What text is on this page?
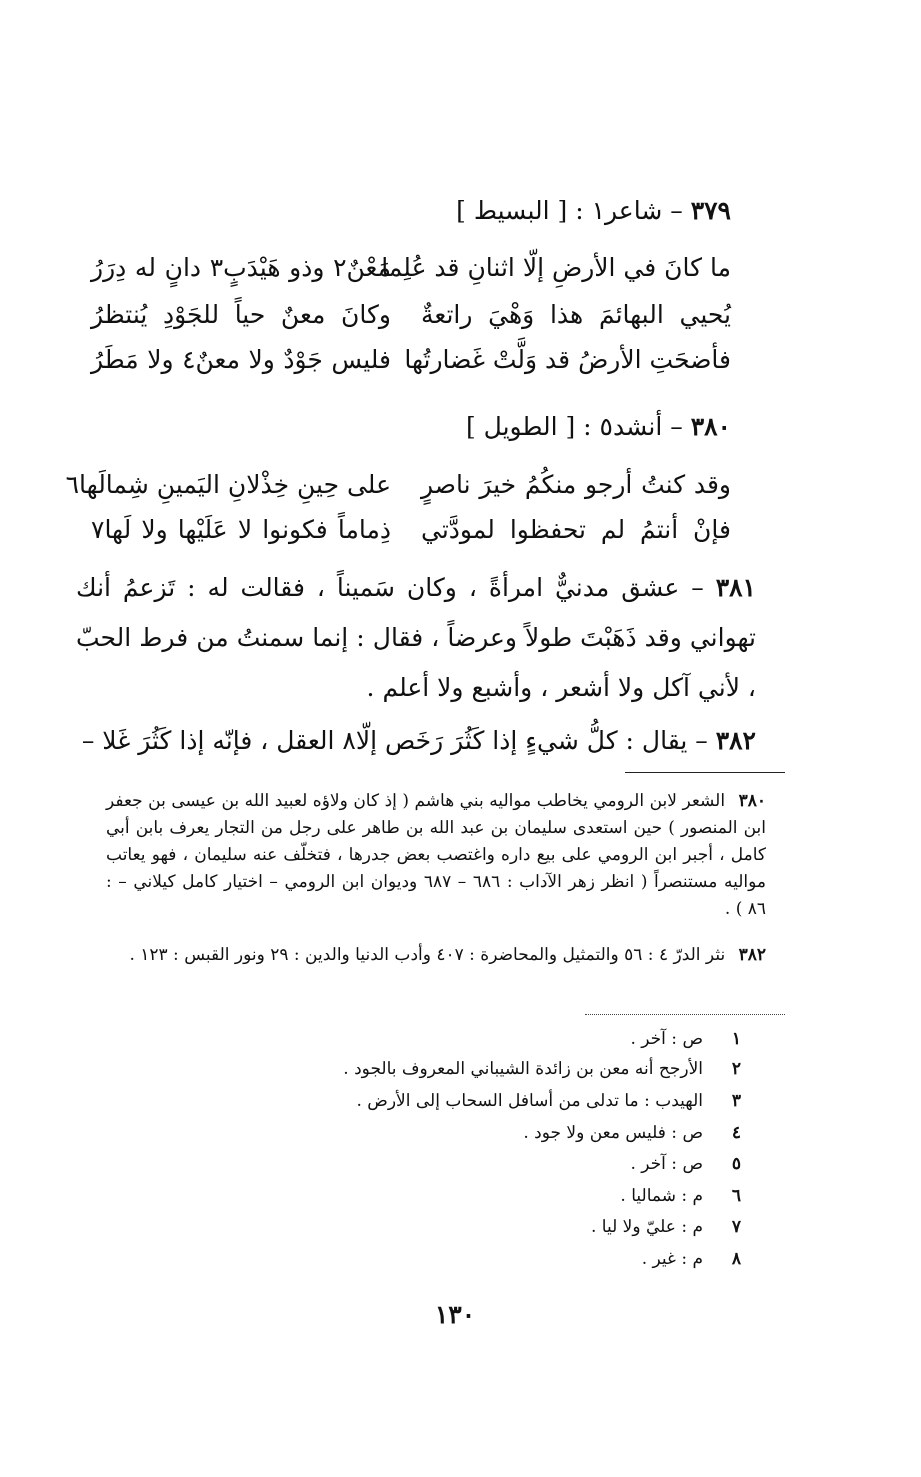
٣٧٩ – شاعر١ : [ البسيط ]
ما كانَ في الأرضِ إلّا اثنانِ قد عُلِما
مَعْنٌ٢ وذو هَيْدَبٍ٣ دانٍ له دِرَرُ
يُحيي البهائمَ هذا وَهْيَ راتعةٌ
وكانَ معنٌ حياً للجَوْدِ يُنتظرُ
فأضحَتِ الأرضُ قد وَلَّتْ غَضارتُها
فليس جَوْدٌ ولا معنٌ٤ ولا مَطَرُ
٣٨٠ – أنشد٥ : [ الطويل ]
وقد كنتُ أرجو منكُمُ خيرَ ناصرٍ
على حِينِ خِذْلانِ اليَمينِ شِمالَها٦
فإنْ أنتمُ لم تحفظوا لمودَّتي
ذِماماً فكونوا لا عَلَيْها ولا لَها٧
٣٨١ – عشق مدنيٌّ امرأةً ، وكان سَميناً ، فقالت له : تَزعمُ أنك تهواني وقد ذَهَبْتَ طولاً وعرضاً ، فقال : إنما سمنتُ من فرط الحبّ ، لأني آكل ولا أشعر ، وأشبع ولا أعلم .
٣٨٢ – يقال : كلُّ شيءٍ إذا كَثُرَ رَخَص إلّا٨ العقل ، فإنّه إذا كَثُرَ غَلا –
٣٨٠ الشعر لابن الرومي يخاطب مواليه بني هاشم ( إذ كان ولاؤه لعبيد الله بن عيسى بن جعفر ابن المنصور ) حين استعدى سليمان بن عبد الله بن طاهر على رجل من التجار يعرف بابن أبي كامل ، أجبر ابن الرومي على بيع داره واغتصب بعض جدرها ، فتخلّف عنه سليمان ، فهو يعاتب مواليه مستنصراً ( انظر زهر الآداب : ٦٨٦ – ٦٨٧ وديوان ابن الرومي – اختيار كامل كيلاني – : ٨٦ ) .
٣٨٢ نثر الدرّ ٤ : ٥٦ والتمثيل والمحاضرة : ٤٠٧ وأدب الدنيا والدين : ٢٩ ونور القبس : ١٢٣ .
١ص : آخر .
٢الأرجح أنه معن بن زائدة الشيباني المعروف بالجود .
٣الهيدب : ما تدلى من أسافل السحاب إلى الأرض .
٤ص : فليس معن ولا جود .
٥ص : آخر .
٦م : شماليا .
٧م : عليّ ولا ليا .
٨م : غير .
١٣٠
